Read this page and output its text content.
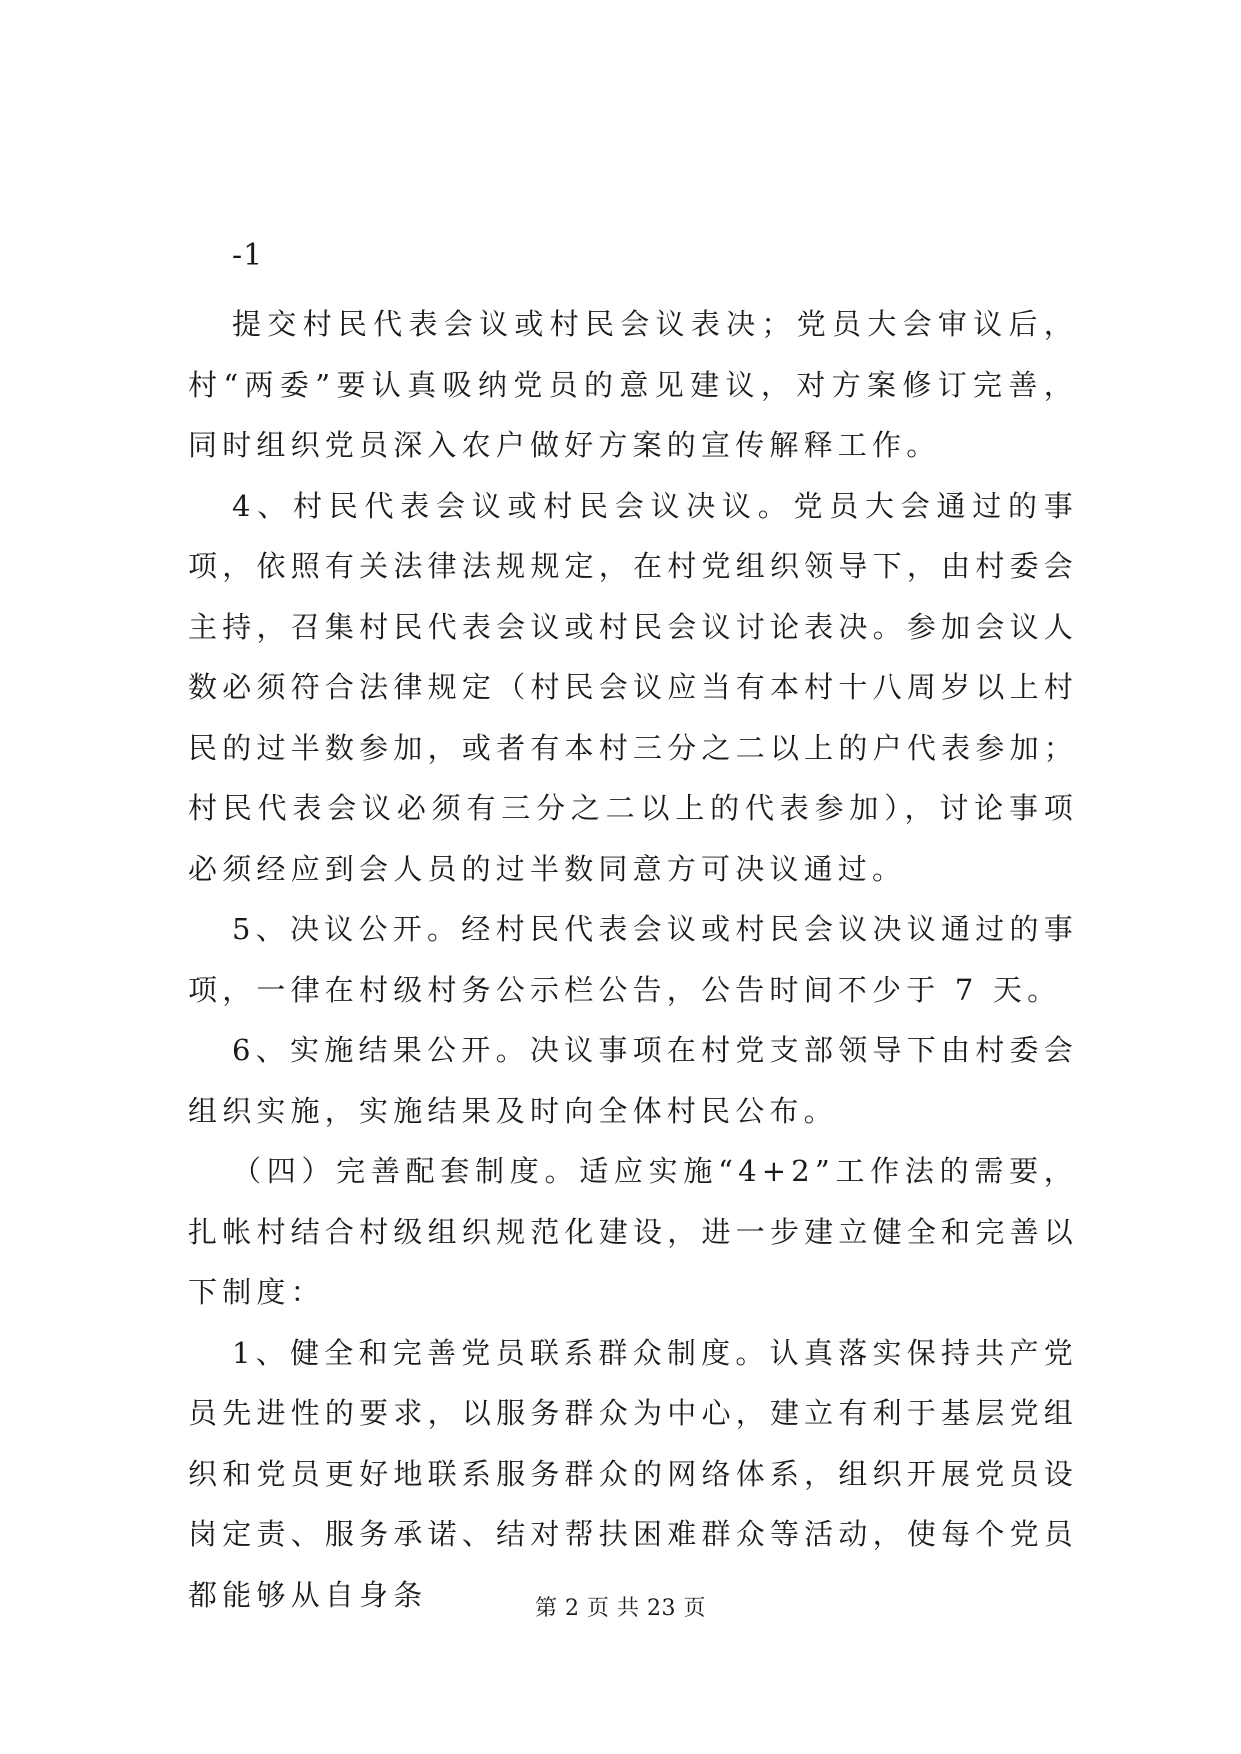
-1

提交村民代表会议或村民会议表决；党员大会审议后，村“两委”要认真吸纳党员的意见建议，对方案修订完善，同时组织党员深入农户做好方案的宣传解释工作。

4、村民代表会议或村民会议决议。党员大会通过的事项，依照有关法律法规规定，在村党组织领导下，由村委会主持，召集村民代表会议或村民会议讨论表决。参加会议人数必须符合法律规定（村民会议应当有本村十八周岁以上村民的过半数参加，或者有本村三分之二以上的户代表参加；村民代表会议必须有三分之二以上的代表参加），讨论事项必须经应到会人员的过半数同意方可决议通过。

5、决议公开。经村民代表会议或村民会议决议通过的事项，一律在村级村务公示栏公告，公告时间不少于 7 天。

6、实施结果公开。决议事项在村党支部领导下由村委会组织实施，实施结果及时向全体村民公布。

（四）完善配套制度。适应实施“4+2”工作法的需要，扎帐村结合村级组织规范化建设，进一步建立健全和完善以下制度：

1、健全和完善党员联系群众制度。认真落实保持共产党员先进性的要求，以服务群众为中心，建立有利于基层党组织和党员更好地联系服务群众的网络体系，组织开展党员设岗定责、服务承诺、结对帮扶困难群众等活动，使每个党员都能够从自身条	第 2 页 共 23 页
